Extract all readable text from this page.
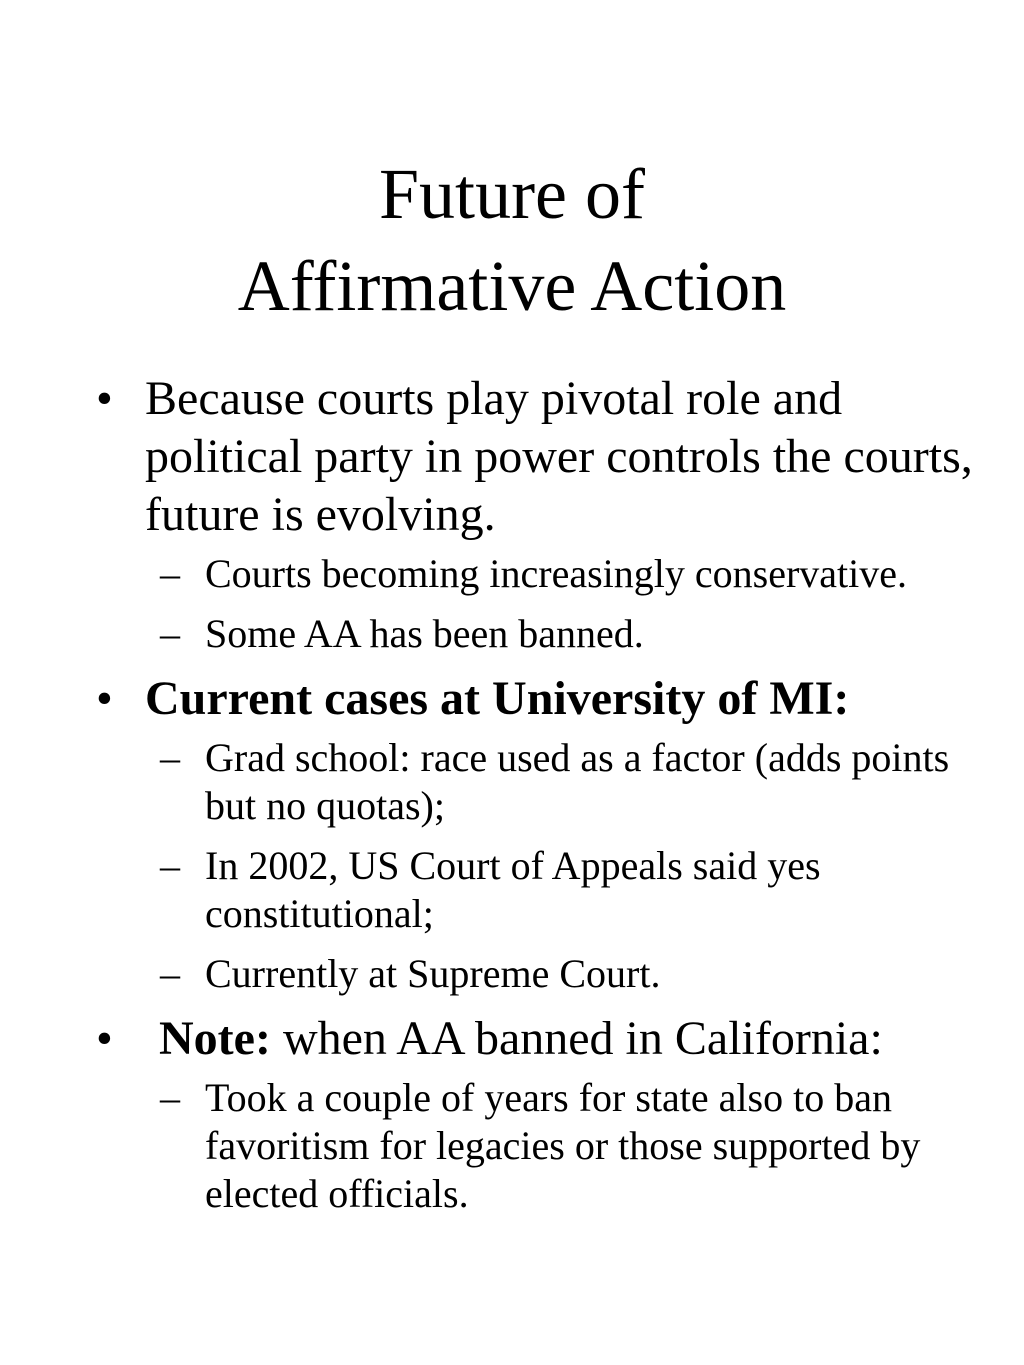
Future of
Affirmative Action
• Because courts play pivotal role and political party in power controls the courts, future is evolving.
– Courts becoming increasingly conservative.
– Some AA has been banned.
• Current cases at University of MI:
– Grad school: race used as a factor (adds points but no quotas);
– In 2002, US Court of Appeals said yes constitutional;
– Currently at Supreme Court.
• Note: when AA banned in California:
– Took a couple of years for state also to ban favoritism for legacies or those supported by elected officials.
